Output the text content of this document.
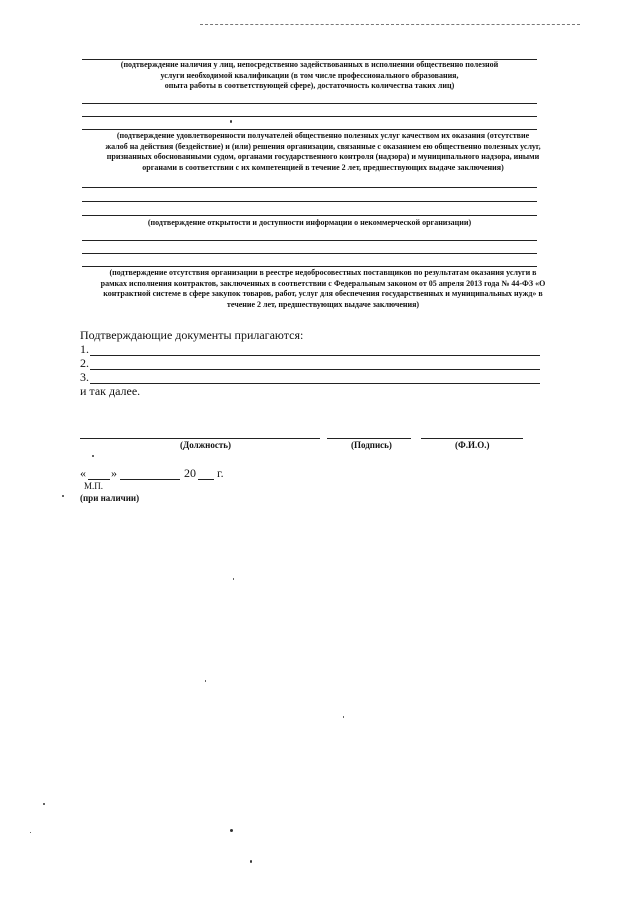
(подтверждение наличия у лиц, непосредственно задействованных в исполнении общественно полезной
услуги необходимой квалификации (в том числе профессионального образования,
опыта работы в соответствующей сфере), достаточность количества таких лиц)
(подтверждение удовлетворенности получателей общественно полезных услуг качеством их оказания (отсутствие
жалоб на действия (бездействие) и (или) решения организации, связанные с оказанием ею общественно полезных услуг,
признанных обоснованными судом, органами государственного контроля (надзора) и муниципального надзора, иными
органами в соответствии с их компетенцией в течение 2 лет, предшествующих выдаче заключения)
(подтверждение открытости и доступности информации о некоммерческой организации)
(подтверждение отсутствия организации в реестре недобросовестных поставщиков по результатам оказания услуги в
рамках исполнения контрактов, заключенных в соответствии с Федеральным законом от 05 апреля 2013 года № 44-ФЗ «О
контрактной системе в сфере закупок товаров, работ, услуг для обеспечения государственных и муниципальных нужд» в
течение 2 лет, предшествующих выдаче заключения)
Подтверждающие документы прилагаются:
1.
2.
3.
и так далее.
(Должность)	(Подпись)	(Ф.И.О.)
« »	20 г.
М.П.
(при наличии)
